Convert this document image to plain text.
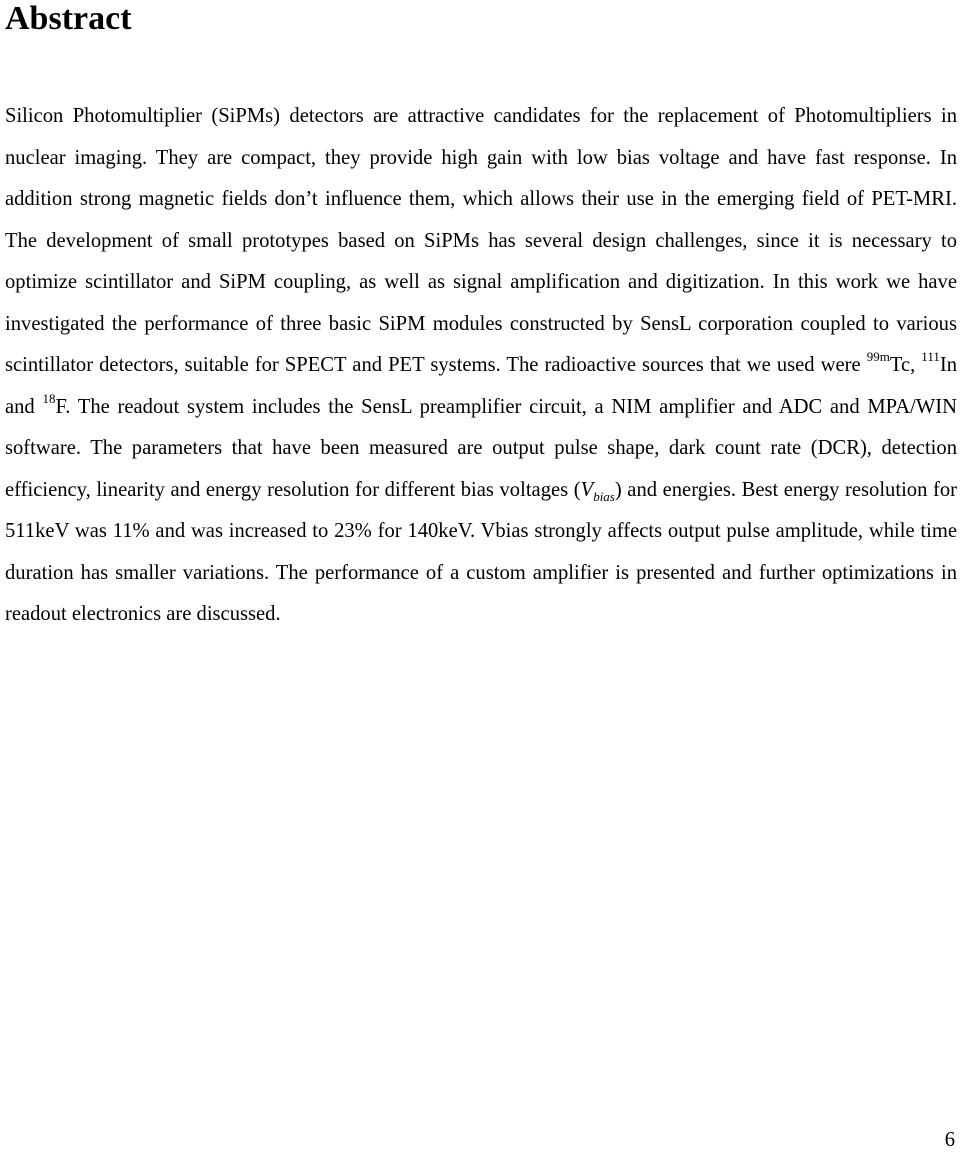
Abstract

Silicon Photomultiplier (SiPMs) detectors are attractive candidates for the replacement of Photomultipliers in nuclear imaging. They are compact, they provide high gain with low bias voltage and have fast response. In addition strong magnetic fields don’t influence them, which allows their use in the emerging field of PET-MRI. The development of small prototypes based on SiPMs has several design challenges, since it is necessary to optimize scintillator and SiPM coupling, as well as signal amplification and digitization. In this work we have investigated the performance of three basic SiPM modules constructed by SensL corporation coupled to various scintillator detectors, suitable for SPECT and PET systems. The radioactive sources that we used were $^{99m}$Tc, $^{111}$In and $^{18}$F. The readout system includes the SensL preamplifier circuit, a NIM amplifier and ADC and MPA/WIN software. The parameters that have been measured are output pulse shape, dark count rate (DCR), detection efficiency, linearity and energy resolution for different bias voltages $(V_{bias})$ and energies. Best energy resolution for 511keV was 11% and was increased to 23% for 140keV. Vbias strongly affects output pulse amplitude, while time duration has smaller variations. The performance of a custom amplifier is presented and further optimizations in readout electronics are discussed.

6
